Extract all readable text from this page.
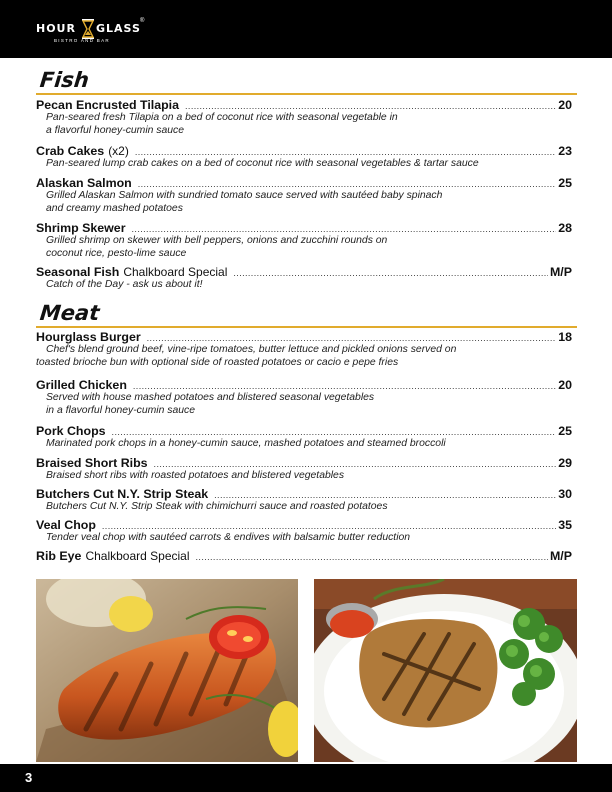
HOUR GLASS
®
BISTRO AND BAR
Fish
Pecan Encrusted Tilapia .....	20
Pan-seared fresh Tilapia on a bed of coconut rice with seasonal vegetable in
a flavorful honey-cumin sauce
Crab Cakes (x2) .....	23
Pan-seared lump crab cakes on a bed of coconut rice with seasonal vegetables & tartar sauce
Alaskan Salmon .....	25
Grilled Alaskan Salmon with sundried tomato sauce served with sautéed baby spinach
and creamy mashed potatoes
Shrimp Skewer .....	28
Grilled shrimp on skewer with bell peppers, onions and zucchini rounds on
coconut rice, pesto-lime sauce
Seasonal Fish Chalkboard Special .....	M/P
Catch of the Day - ask us about it!
Meat
Hourglass Burger .....	18
Chef's blend ground beef, vine-ripe tomatoes, butter lettuce and pickled onions served on
toasted brioche bun with optional side of roasted potatoes or cacio e pepe fries
Grilled Chicken .....	20
Served with house mashed potatoes and blistered seasonal vegetables
in a flavorful honey-cumin sauce
Pork Chops .....	25
Marinated pork chops in a honey-cumin sauce, mashed potatoes and steamed broccoli
Braised Short Ribs .....	29
Braised short ribs with roasted potatoes and blistered vegetables
Butchers Cut N.Y. Strip Steak .....	30
Butchers Cut N.Y. Strip Steak with chimichurri sauce and roasted potatoes
Veal Chop .....	35
Tender veal chop with sautéed carrots & endives with balsamic butter reduction
Rib Eye Chalkboard Special .....	M/P
3
